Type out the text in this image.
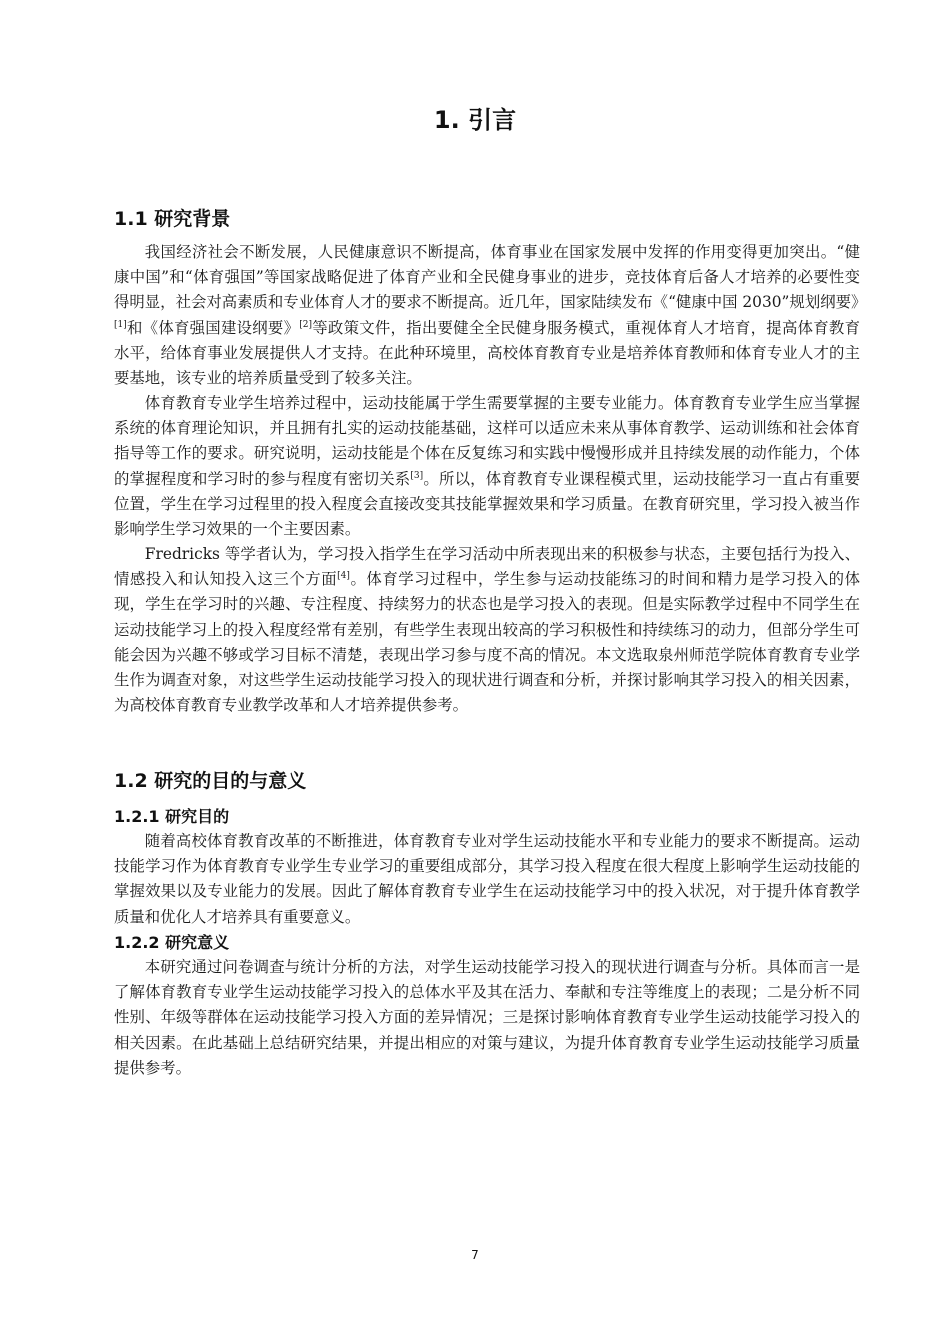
1. 引言
1.1 研究背景

我国经济社会不断发展，人民健康意识不断提高，体育事业在国家发展中发挥的作用变得更加突出。“健康中国”和“体育强国”等国家战略促进了体育产业和全民健身事业的进步，竞技体育后备人才培养的必要性变得明显，社会对高素质和专业体育人才的要求不断提高。近几年，国家陆续发布《“健康中国 2030”规划纲要》[1]和《体育强国建设纲要》[2]等政策文件，指出要健全全民健身服务模式，重视体育人才培育，提高体育教育水平，给体育事业发展提供人才支持。在此种环境里，高校体育教育专业是培养体育教师和体育专业人才的主要基地，该专业的培养质量受到了较多关注。

体育教育专业学生培养过程中，运动技能属于学生需要掌握的主要专业能力。体育教育专业学生应当掌握系统的体育理论知识，并且拥有扎实的运动技能基础，这样可以适应未来从事体育教学、运动训练和社会体育指导等工作的要求。研究说明，运动技能是个体在反复练习和实践中慢慢形成并且持续发展的动作能力，个体的掌握程度和学习时的参与程度有密切关系[3]。所以，体育教育专业课程模式里，运动技能学习一直占有重要位置，学生在学习过程里的投入程度会直接改变其技能掌握效果和学习质量。在教育研究里，学习投入被当作影响学生学习效果的一个主要因素。

Fredricks 等学者认为，学习投入指学生在学习活动中所表现出来的积极参与状态，主要包括行为投入、情感投入和认知投入这三个方面[4]。体育学习过程中，学生参与运动技能练习的时间和精力是学习投入的体现，学生在学习时的兴趣、专注程度、持续努力的状态也是学习投入的表现。但是实际教学过程中不同学生在运动技能学习上的投入程度经常有差别，有些学生表现出较高的学习积极性和持续练习的动力，但部分学生可能会因为兴趣不够或学习目标不清楚，表现出学习参与度不高的情况。本文选取泉州师范学院体育教育专业学生作为调查对象，对这些学生运动技能学习投入的现状进行调查和分析，并探讨影响其学习投入的相关因素，为高校体育教育专业教学改革和人才培养提供参考。

1.2 研究的目的与意义
1.2.1 研究目的

随着高校体育教育改革的不断推进，体育教育专业对学生运动技能水平和专业能力的要求不断提高。运动技能学习作为体育教育专业学生专业学习的重要组成部分，其学习投入程度在很大程度上影响学生运动技能的掌握效果以及专业能力的发展。因此了解体育教育专业学生在运动技能学习中的投入状况，对于提升体育教学质量和优化人才培养具有重要意义。

1.2.2 研究意义

本研究通过问卷调查与统计分析的方法，对学生运动技能学习投入的现状进行调查与分析。具体而言一是了解体育教育专业学生运动技能学习投入的总体水平及其在活力、奉献和专注等维度上的表现；二是分析不同性别、年级等群体在运动技能学习投入方面的差异情况；三是探讨影响体育教育专业学生运动技能学习投入的相关因素。在此基础上总结研究结果，并提出相应的对策与建议，为提升体育教育专业学生运动技能学习质量提供参考。

7
